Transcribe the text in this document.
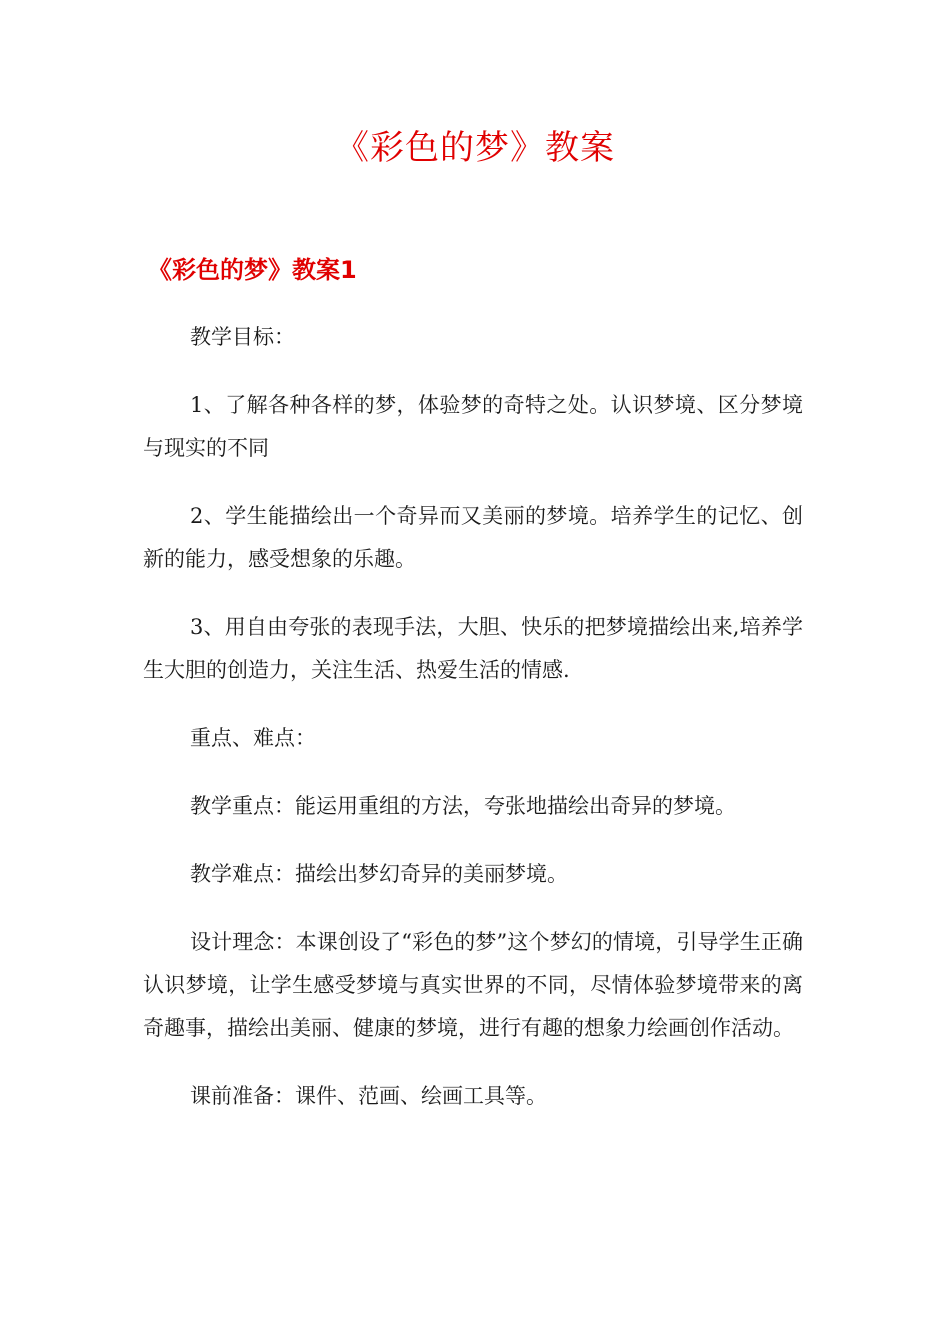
《彩色的梦》教案
《彩色的梦》教案1

教学目标：

1、了解各种各样的梦，体验梦的奇特之处。认识梦境、区分梦境与现实的不同

2、学生能描绘出一个奇异而又美丽的梦境。培养学生的记忆、创新的能力，感受想象的乐趣。

3、用自由夸张的表现手法，大胆、快乐的把梦境描绘出来,培养学生大胆的创造力，关注生活、热爱生活的情感.

重点、难点：

教学重点：能运用重组的方法，夸张地描绘出奇异的梦境。

教学难点：描绘出梦幻奇异的美丽梦境。

设计理念：本课创设了“彩色的梦”这个梦幻的情境，引导学生正确认识梦境，让学生感受梦境与真实世界的不同，尽情体验梦境带来的离奇趣事，描绘出美丽、健康的梦境，进行有趣的想象力绘画创作活动。

课前准备：课件、范画、绘画工具等。
